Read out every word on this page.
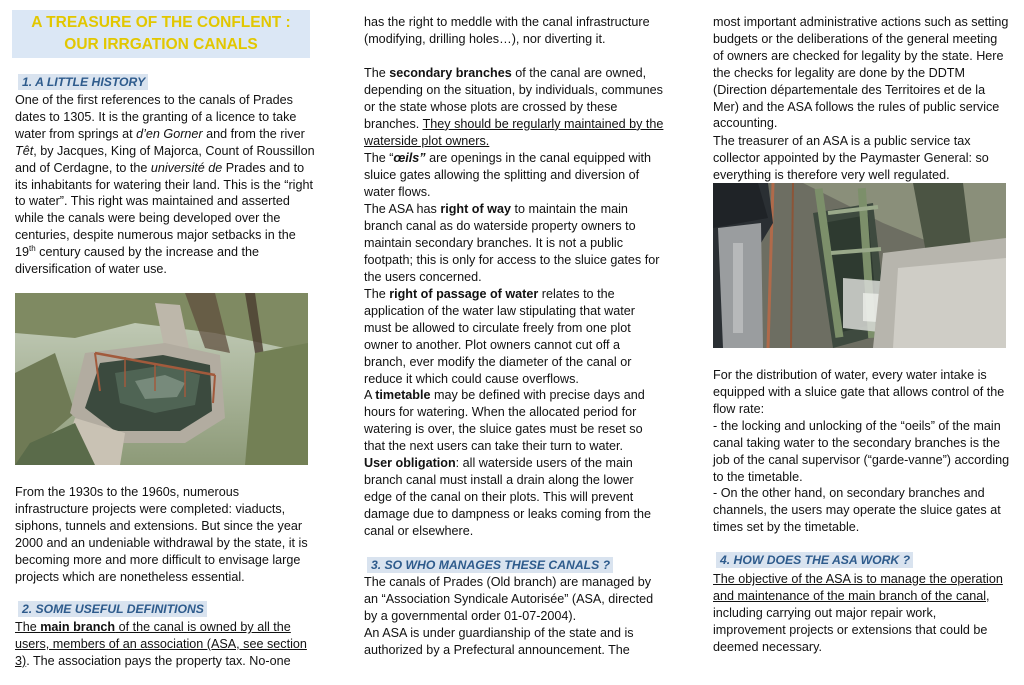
A TREASURE OF THE CONFLENT : OUR IRRGATION CANALS
1. A LITTLE HISTORY

One of the first references to the canals of Prades dates to 1305. It is the granting of a licence to take water from springs at d’en Gorner and from the river Têt, by Jacques, King of Majorca, Count of Roussillon and of Cerdagne, to the université de Prades and to its inhabitants for watering their land. This is the “right to water”. This right was maintained and asserted while the canals were being developed over the centuries, despite numerous major setbacks in the 19th century caused by the increase and the diversification of water use.

From the 1930s to the 1960s, numerous infrastructure projects were completed: viaducts, siphons, tunnels and extensions. But since the year 2000 and an undeniable withdrawal by the state, it is becoming more and more difficult to envisage large projects which are nonetheless essential.

2. SOME USEFUL DEFINITIONS

The main branch of the canal is owned by all the users, members of an association (ASA, see section 3). The association pays the property tax. No-one

has the right to meddle with the canal infrastructure (modifying, drilling holes…), nor diverting it.

The secondary branches of the canal are owned, depending on the situation, by individuals, communes or the state whose plots are crossed by these branches. They should be regularly maintained by the waterside plot owners.

The “œils” are openings in the canal equipped with sluice gates allowing the splitting and diversion of water flows.

The ASA has right of way to maintain the main branch canal as do waterside property owners to maintain secondary branches. It is not a public footpath; this is only for access to the sluice gates for the users concerned.

The right of passage of water relates to the application of the water law stipulating that water must be allowed to circulate freely from one plot owner to another. Plot owners cannot cut off a branch, ever modify the diameter of the canal or reduce it which could cause overflows.

A timetable may be defined with precise days and hours for watering. When the allocated period for watering is over, the sluice gates must be reset so that the next users can take their turn to water.

User obligation: all waterside users of the main branch canal must install a drain along the lower edge of the canal on their plots. This will prevent damage due to dampness or leaks coming from the canal or elsewhere.

3. SO WHO MANAGES THESE CANALS ?

The canals of Prades (Old branch) are managed by an “Association Syndicale Autorisée” (ASA, directed by a governmental order 01-07-2004).

An ASA is under guardianship of the state and is authorized by a Prefectural announcement. The

most important administrative actions such as setting budgets or the deliberations of the general meeting of owners are checked for legality by the state. Here the checks for legality are done by the DDTM (Direction départementale des Territoires et de la Mer) and the ASA follows the rules of public service accounting.

The treasurer of an ASA is a public service tax collector appointed by the Paymaster General: so everything is therefore very well regulated.

For the distribution of water, every water intake is equipped with a sluice gate that allows control of the flow rate:

- the locking and unlocking of the “oeils” of the main canal taking water to the secondary branches is the job of the canal supervisor (“garde-vanne”) according to the timetable.

- On the other hand, on secondary branches and channels, the users may operate the sluice gates at times set by the timetable.

4. HOW DOES THE ASA WORK ?

The objective of the ASA is to manage the operation and maintenance of the main branch of the canal, including carrying out major repair work, improvement projects or extensions that could be deemed necessary.
